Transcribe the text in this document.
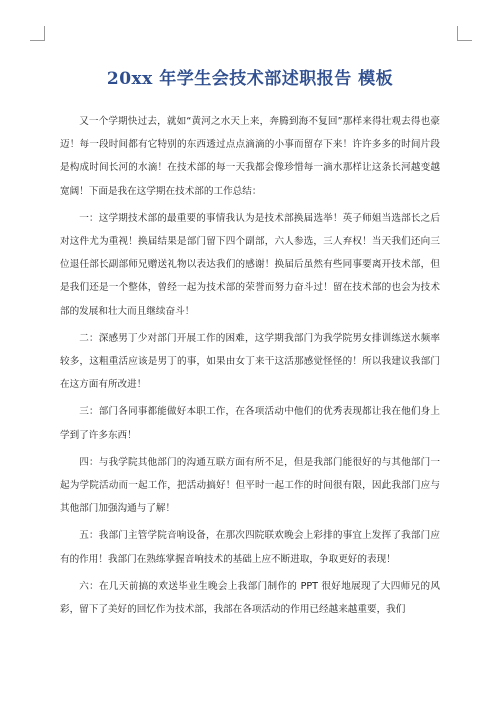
20xx 年学生会技术部述职报告 模板

又一个学期快过去，就如“黄河之水天上来，奔腾到海不复回”那样来得壮观去得也豪迈！每一段时间都有它特别的东西透过点点滴滴的小事而留存下来！许许多多的时间片段是构成时间长河的水滴！在技术部的每一天我都会像珍惜每一滴水那样让这条长河越变越宽阔！下面是我在这学期在技术部的工作总结：

一：这学期技术部的最重要的事情我认为是技术部换届选举！英子师姐当选部长之后对这件尤为重视！换届结果是部门留下四个副部，六人参选，三人弃权！当天我们还向三位退任部长副部师兄赠送礼物以表达我们的感谢！换届后虽然有些同事要离开技术部，但是我们还是一个整体，曾经一起为技术部的荣誉而努力奋斗过！留在技术部的也会为技术部的发展和壮大而且继续奋斗！

二：深感男丁少对部门开展工作的困难，这学期我部门为我学院男女排训练送水频率较多，这粗重活应该是男丁的事，如果由女丁来干这活那感觉怪怪的！所以我建议我部门在这方面有所改进！

三：部门各同事都能做好本职工作，在各项活动中他们的优秀表现都让我在他们身上学到了许多东西！

四：与我学院其他部门的沟通互联方面有所不足，但是我部门能很好的与其他部门一起为学院活动而一起工作，把活动搞好！但平时一起工作的时间很有限，因此我部门应与其他部门加强沟通与了解！

五：我部门主管学院音响设备，在那次四院联欢晚会上彩排的事宜上发挥了我部门应有的作用！我部门在熟练掌握音响技术的基础上应不断进取，争取更好的表现！

六：在几天前搞的欢送毕业生晚会上我部门制作的 PPT 很好地展现了大四师兄的风彩，留下了美好的回忆作为技术部，我部在各项活动的作用已经越来越重要，我们
